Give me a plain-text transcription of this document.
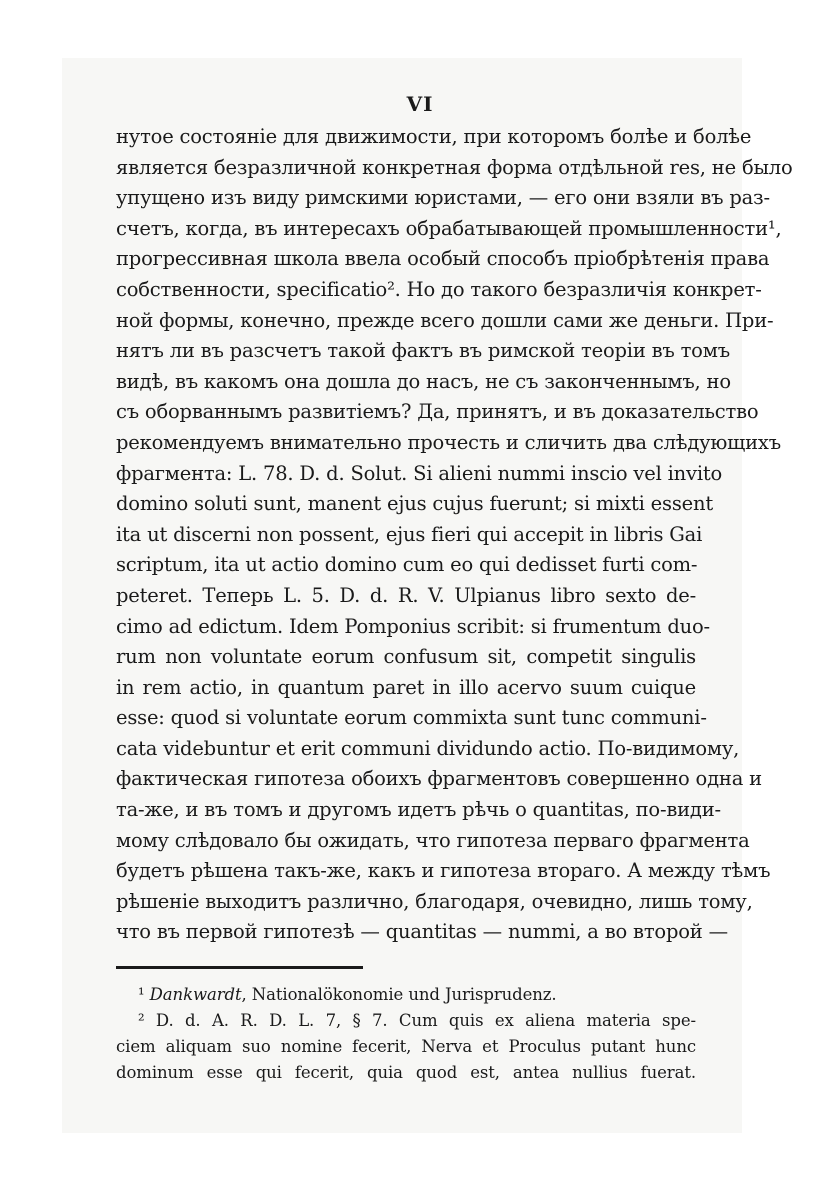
VI
нутое состояніе для движимости, при которомъ болѣе и болѣе
является безразличной конкретная форма отдѣльной res, не было
упущено изъ виду римскими юристами, — его они взяли въ раз-
счетъ, когда, въ интересахъ обрабатывающей промышленности¹,
прогрессивная школа ввела особый способъ пріобрѣтенія права
собственности, specificatio². Но до такого безразличія конкрет-
ной формы, конечно, прежде всего дошли сами же деньги. При-
нятъ ли въ разсчетъ такой фактъ въ римской теоріи въ томъ
видѣ, въ какомъ она дошла до насъ, не съ законченнымъ, но
съ оборваннымъ развитіемъ? Да, принятъ, и въ доказательство
рекомендуемъ внимательно прочесть и сличить два слѣдующихъ
фрагмента: L. 78. D. d. Solut. Si alieni nummi inscio vel invito
domino soluti sunt, manent ejus cujus fuerunt; si mixti essent
ita ut discerni non possent, ejus fieri qui accepit in libris Gai
scriptum, ita ut actio domino cum eo qui dedisset furti com-
peteret. Теперь L. 5. D. d. R. V. Ulpianus libro sexto de-
cimo ad edictum. Idem Pomponius scribit: si frumentum duo-
rum non voluntate eorum confusum sit, competit singulis
in rem actio, in quantum paret in illo acervo suum cuique
esse: quod si voluntate eorum commixta sunt tunc communi-
cata videbuntur et erit communi dividundo actio. По-видимому,
фактическая гипотеза обоихъ фрагментовъ совершенно одна и
та-же, и въ томъ и другомъ идетъ рѣчь о quantitas, по-види-
мому слѣдовало бы ожидать, что гипотеза перваго фрагмента
будетъ рѣшена такъ-же, какъ и гипотеза втораго. А между тѣмъ
рѣшеніе выходитъ различно, благодаря, очевидно, лишь тому,
что въ первой гипотезѣ — quantitas — nummi, а во второй —
¹ Dankwardt, Nationalökonomie und Jurisprudenz.
² D. d. A. R. D. L. 7, § 7. Cum quis ex aliena materia spe-
ciem aliquam suo nomine fecerit, Nerva et Proculus putant hunc
dominum esse qui fecerit, quia quod est, antea nullius fuerat.
